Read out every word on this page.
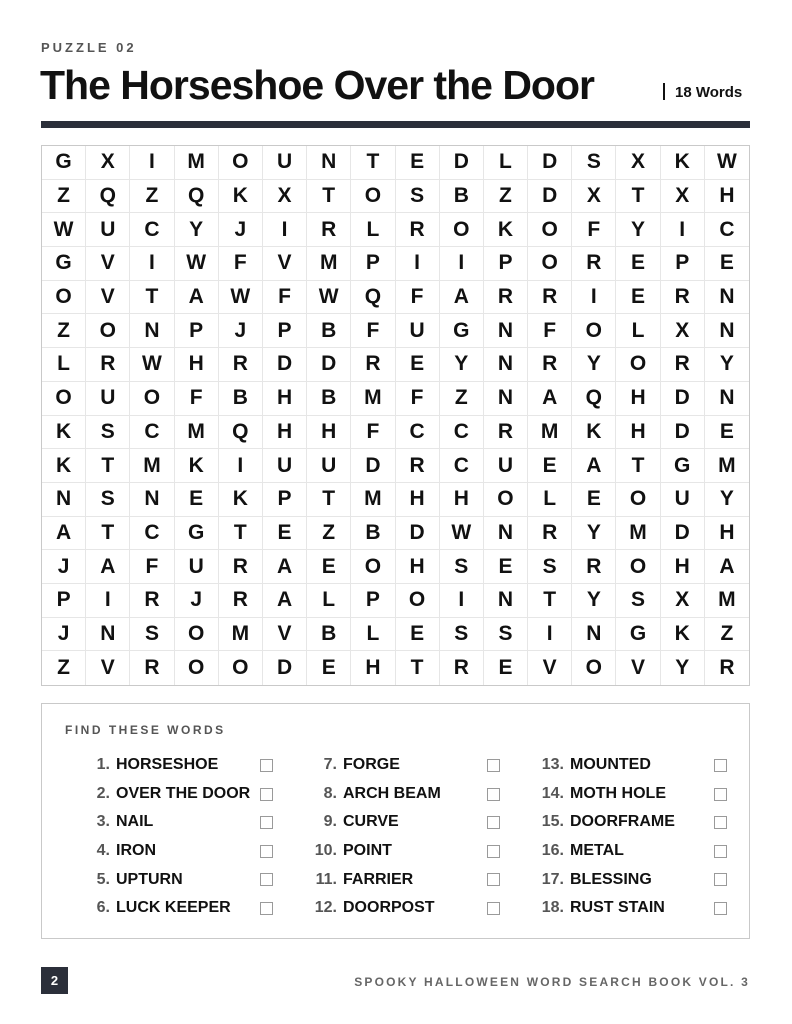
PUZZLE 02
The Horseshoe Over the Door	18 Words
G	X	I	M	O	U	N	T	E	D	L	D	S	X	K	W
Z	Q	Z	Q	K	X	T	O	S	B	Z	D	X	T	X	H
W	U	C	Y	J	I	R	L	R	O	K	O	F	Y	I	C
G	V	I	W	F	V	M	P	I	I	P	O	R	E	P	E
O	V	T	A	W	F	W	Q	F	A	R	R	I	E	R	N
Z	O	N	P	J	P	B	F	U	G	N	F	O	L	X	N
L	R	W	H	R	D	D	R	E	Y	N	R	Y	O	R	Y
O	U	O	F	B	H	B	M	F	Z	N	A	Q	H	D	N
K	S	C	M	Q	H	H	F	C	C	R	M	K	H	D	E
K	T	M	K	I	U	U	D	R	C	U	E	A	T	G	M
N	S	N	E	K	P	T	M	H	H	O	L	E	O	U	Y
A	T	C	G	T	E	Z	B	D	W	N	R	Y	M	D	H
J	A	F	U	R	A	E	O	H	S	E	S	R	O	H	A
P	I	R	J	R	A	L	P	O	I	N	T	Y	S	X	M
J	N	S	O	M	V	B	L	E	S	S	I	N	G	K	Z
Z	V	R	O	O	D	E	H	T	R	E	V	O	V	Y	R
FIND THESE WORDS
1. HORSESHOE
2. OVER THE DOOR
3. NAIL
4. IRON
5. UPTURN
6. LUCK KEEPER
7. FORGE
8. ARCH BEAM
9. CURVE
10. POINT
11. FARRIER
12. DOORPOST
13. MOUNTED
14. MOTH HOLE
15. DOORFRAME
16. METAL
17. BLESSING
18. RUST STAIN
2	SPOOKY HALLOWEEN WORD SEARCH BOOK VOL. 3
